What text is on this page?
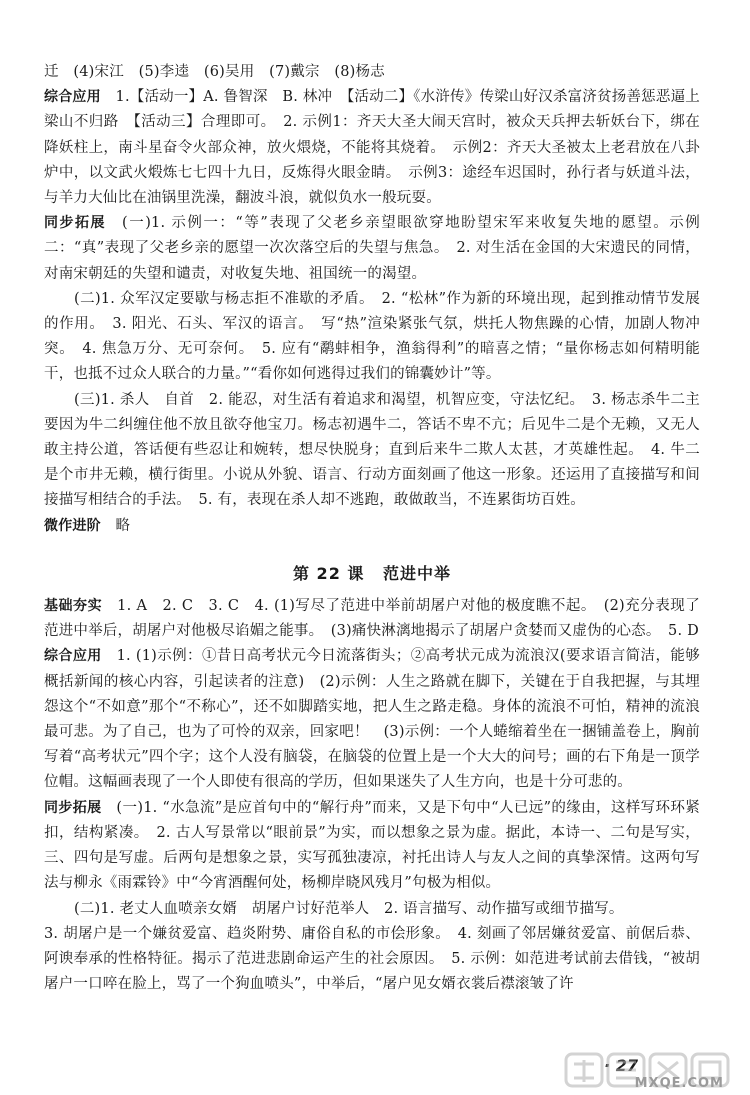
迁　(4)宋江　(5)李逵　(6)吴用　(7)戴宗　(8)杨志

综合应用　 1.【活动一】A. 鲁智深　B. 林冲　【活动二】《水浒传》传梁山好汉杀富济贫扬善惩恶逼上梁山不归路　【活动三】合理即可。　2. 示例1：齐天大圣大闹天宫时，被众天兵押去斩妖台下，绑在降妖柱上，南斗星奋令火部众神，放火煨烧，不能将其烧着。　示例2：齐天大圣被太上老君放在八卦炉中，以文武火煅炼七七四十九日，反炼得火眼金睛。　示例3：途经车迟国时，孙行者与妖道斗法，与羊力大仙比在油锅里洗澡，翻波斗浪，就似负水一般玩耍。

同步拓展　 (一)1. 示例一：“等”表现了父老乡亲望眼欲穿地盼望宋军来收复失地的愿望。示例二：“真”表现了父老乡亲的愿望一次次落空后的失望与焦急。　2. 对生活在金国的大宋遗民的同情，对南宋朝廷的失望和谴责，对收复失地、祖国统一的渴望。

(二)1. 众军汉定要歇与杨志拒不准歇的矛盾。　2. “松林”作为新的环境出现，起到推动情节发展的作用。　3. 阳光、石头、军汉的语言。　写“热”渲染紧张气氛，烘托人物焦躁的心情，加剧人物冲突。　4. 焦急万分、无可奈何。　5. 应有“鹬蚌相争，渔翁得利”的暗喜之情；“量你杨志如何精明能干，也抵不过众人联合的力量。”“看你如何逃得过我们的锦囊妙计”等。

(三)1. 杀人　自首　2. 能忍，对生活有着追求和渴望，机智应变，守法忆纪。　3. 杨志杀牛二主要因为牛二纠缠住他不放且欲夺他宝刀。杨志初遇牛二，答话不卑不亢；后见牛二是个无赖，又无人敢主持公道，答话便有些忍让和婉转，想尽快脱身；直到后来牛二欺人太甚，才英雄性起。　4. 牛二是个市井无赖，横行街里。小说从外貌、语言、行动方面刻画了他这一形象。还运用了直接描写和间接描写相结合的手法。　5. 有，表现在杀人却不逃跑，敢做敢当，不连累街坊百姓。

微作进阶　 略

第 22 课 范进中举

基础夯实　 1. A　2. C　3. C　4. (1)写尽了范进中举前胡屠户对他的极度瞧不起。　(2)充分表现了范进中举后，胡屠户对他极尽谄媚之能事。　(3)痛快淋漓地揭示了胡屠户贪婪而又虚伪的心态。　5. D

综合应用　 1. (1)示例：①昔日高考状元今日流落街头；②高考状元成为流浪汉(要求语言简洁，能够概括新闻的核心内容，引起读者的注意)　(2)示例：人生之路就在脚下，关键在于自我把握，与其埋怨这个“不如意”那个“不称心”，还不如脚踏实地，把人生之路走稳。身体的流浪不可怕，精神的流浪最可悲。为了自己，也为了可怜的双亲，回家吧！　(3)示例：一个人蜷缩着坐在一捆铺盖卷上，胸前写着“高考状元”四个字；这个人没有脑袋，在脑袋的位置上是一个大大的问号；画的右下角是一顶学位帽。这幅画表现了一个人即使有很高的学历，但如果迷失了人生方向，也是十分可悲的。

同步拓展　 (一)1. “水急流”是应首句中的“解行舟”而来，又是下句中“人已远”的缘由，这样写环环紧扣，结构紧凑。　2. 古人写景常以“眼前景”为实，而以想象之景为虚。据此，本诗一、二句是写实，三、四句是写虚。后两句是想象之景，实写孤独凄凉，衬托出诗人与友人之间的真挚深情。这两句写法与柳永《雨霖铃》中“今宵酒醒何处，杨柳岸晓风残月”句极为相似。

(二)1. 老丈人血喷亲女婿　胡屠户讨好范举人　2. 语言描写、动作描写或细节描写。

3. 胡屠户是一个嫌贫爱富、趋炎附势、庸俗自私的市侩形象。　4. 刻画了邻居嫌贫爱富、前倨后恭、阿谀奉承的性格特征。揭示了范进悲剧命运产生的社会原因。　5. 示例：如范进考试前去借钱，“被胡屠户一口啐在脸上，骂了一个狗血喷头”，中举后，“屠户见女婿衣裳后襟滚皱了许

· 27
MXQE.COM
